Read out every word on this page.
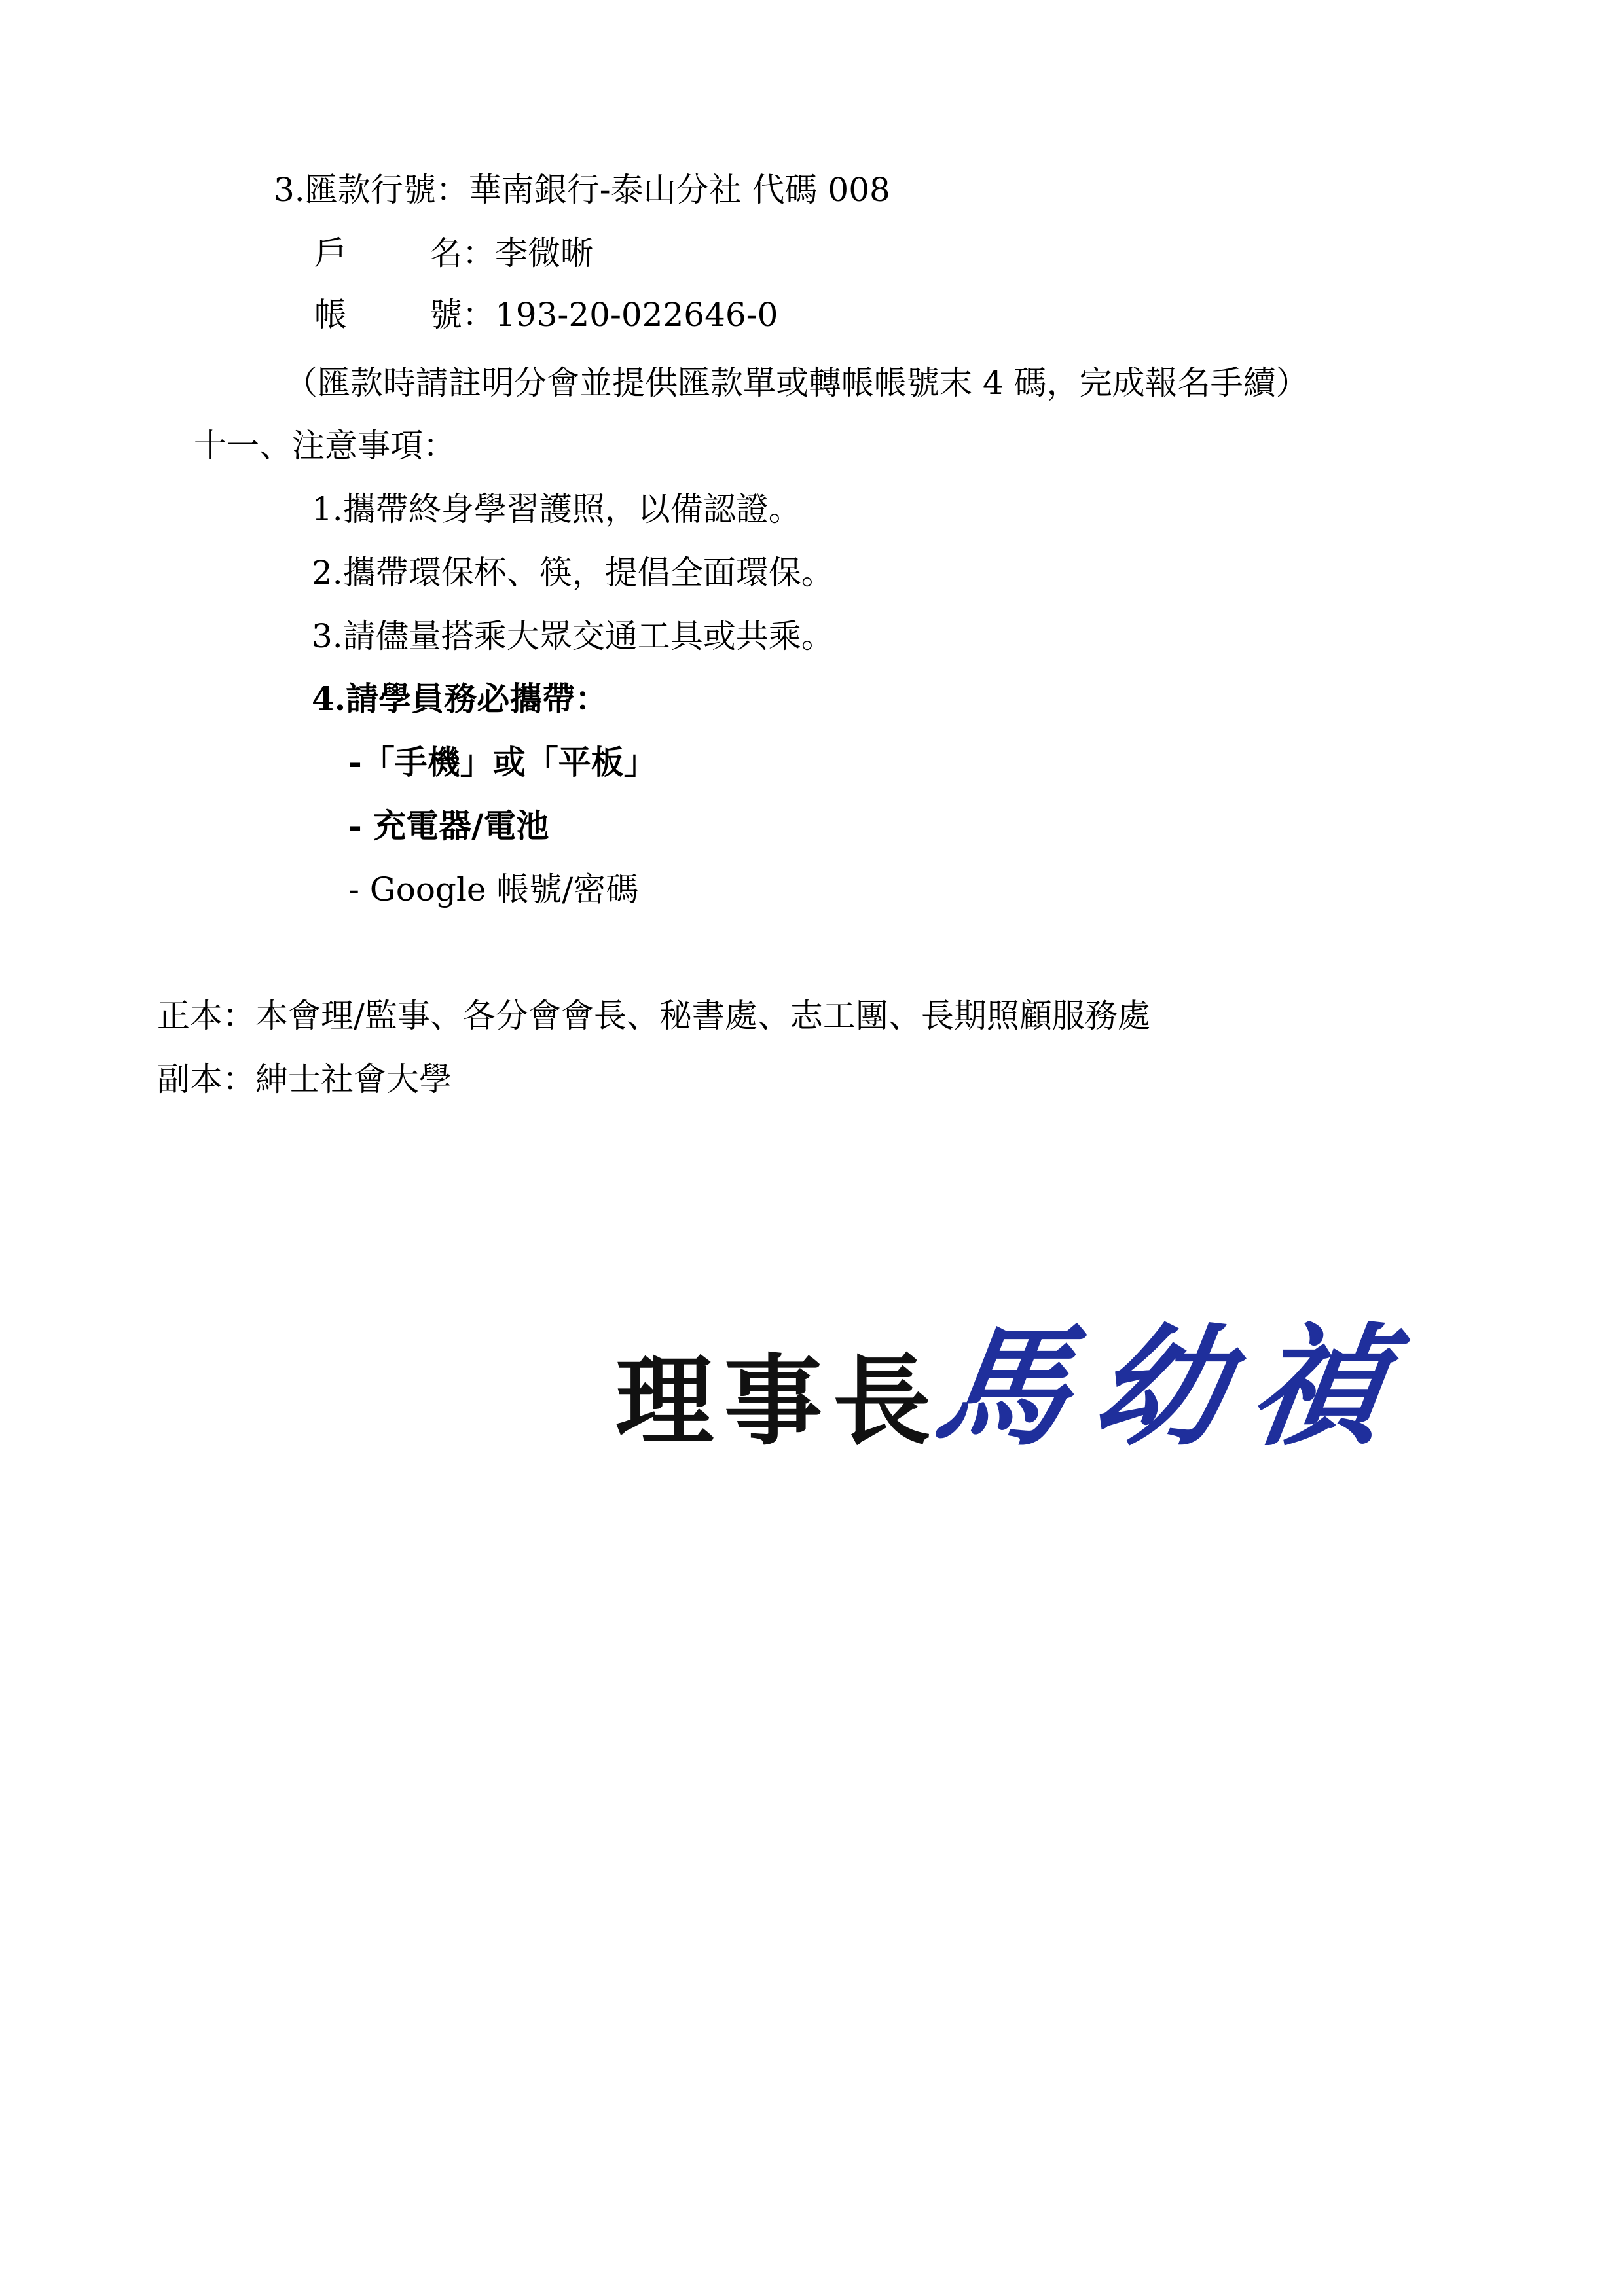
3.匯款行號：華南銀行-泰山分社 代碼 008
戶	名：李微晰
帳	號：193-20-022646-0
（匯款時請註明分會並提供匯款單或轉帳帳號末 4 碼，完成報名手續）
十一、注意事項：
1.攜帶終身學習護照，以備認證。
2.攜帶環保杯、筷，提倡全面環保。
3.請儘量搭乘大眾交通工具或共乘。
4.請學員務必攜帶：
-「手機」或「平板」
- 充電器/電池
- Google 帳號/密碼
正本：本會理/監事、各分會會長、秘書處、志工團、長期照顧服務處
副本：紳士社會大學
理事長
馬幼禎
